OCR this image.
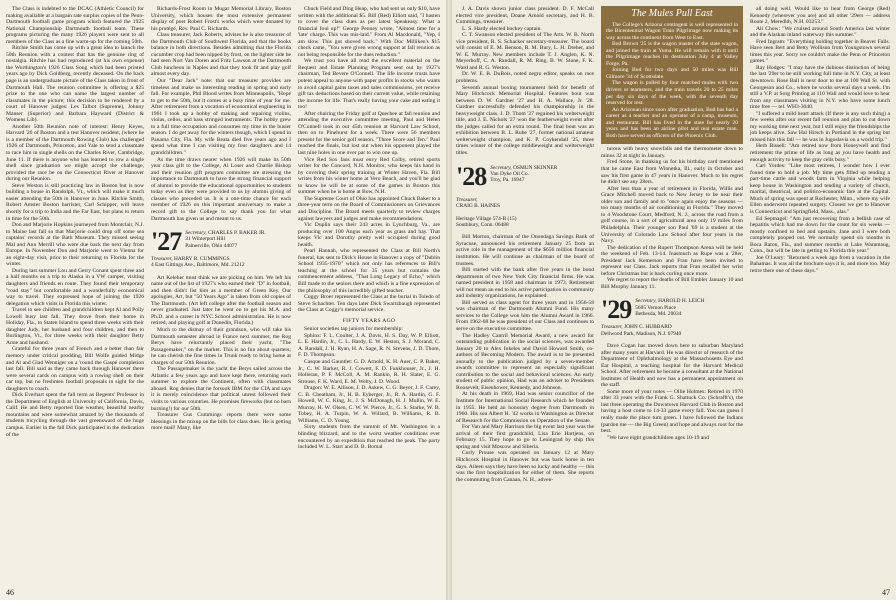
The Class is indebted to the DCAC (Athletic Council) for making available at a bargain rate surplus copies of the Penn-Dartmouth football game program which featured the 1925 National Championship Dartmouth football team. These programs picturing the many 1926 players were sent to all members of the Class as a fine warm-up for the coming 50th.

Ritchie Smith has come up with a great idea to launch the 50th Reunion with a contest that has the genuine ring of nostalgia. Ritchie has had reproduced (at his own expense) the Worthington's 1926 Class Song which had been printed years ago by Dick Goldberg, recently deceased. On the back page is an undergraduate picture of the Class taken in front of Dartmouth Hall. The reunion committee is offering a $25 prize to the one who can name the largest number of classmates in the picture; this decision to be rendered by a court of Hanover judges: Les Talbot (Supreme), Johnny Manser (Superior) and Barbara Hayward (District & Womens Lib).

Another 50th Reunion note of interest: Henry Keyes, Harvard '26 of Boston and a test Hanover resident, (where he is a member of the Dartmouth Rowing Club) has challenged 1926 of Dartmouth, Princeton, and Yale to send a classmate to race him in single shells on the Charles River, Cambridge, June 11. If there is anyone who has learned to row a single shell since graduation we might accept the challenge, provided the race be on the Connecticut River at Hanover during our Reunion.

Steve Weston is still practicing law in Boston but is now building a house in Randolph, Vt., which will make it much easier attending the 50th in Hanover in June. Ritchie Smith, Robert Amster Boston barrister, Carl Schipper, will leave shortly for a trip to India and the Far East, but plans to return in time for the 50th.

Don and Marjorie Hopkins journeyed from Montclair, N.J. to Maine last fall so that Marjorie could drop off some sea captains' records at the Bath Museum. They missed seeing Mal and Ann Merrill who were due back the next day from Europe. In November Don and Marjorie went to Vienna for an eight-day visit, prior to their returning to Florida for the winter.

During last summer Lou and Gerry Conant spent three and a half months on a trip to Alaska in a VW camper, visiting daughters and friends en route. They found their temporary "road stay" but comfortable and a wonderfully economical way to travel. They expressed hope of joining the 1926 delegation which visits in Florida this winter.

Travel to see children and grandchildren kept Al and Polly Lowell busy last fall. They drove from their home in Holiday, Fla., to Staten Island to spend three weeks with their daughter Judy, her husband and four children, and then to Burlington, Vt., for three weeks with their daughter Betty Anne and husband.

Grateful for three years of French and a better than fair memory under critical prodding, Bill Wolfe guided Midge and Al and Glad Wenniger on a 'round the Gaspé completion last fall. Bill said as they came back through Hanover there were several cards on campus with a rowing shell on their car top, but no freshmen football proposals in sight for the daughters to coach.

Dick Everhart spent the fall term as Regents' Professor in the Department of English at University of California, Davis, Calif. He and Betty reported fine weather, beautiful nearby mountains and were somewhat amazed by the thousands of students bicycling through the vast greensward of the huge campus. Earlier in the fall Dick participated in the dedication of the

Richards-Frost Room in Mugar Memorial Library, Boston University, which houses the most extensive permanent display of poet Robert Frost's works which were donated by his protégé, Rev. Paul C. Richards.

Class treasurer, Jack Roberts, advises he is also treasurer of the Dartmouth Club of Southwest Florida, and that the books balance in both directions. Besides admitting that the Florida cucumber crop had been nipped by frost, on the lighter side he had seen Nort Van Doren and Fritz Lawson at the Dartmouth Club luncheon in Naples and that they took fit and play golf almost every day.

Our "Dear Jack" note: that our treasurer provides are timeless and make us interesting reading in spring and early fall. For example, Phil Blood writes from Minneapolis, "Hope to get to the 50th, but it comes at a busy time of year for me. After retirement from a vocation of economical engineering in 1961 I took up a hobby of making and repairing violins, violas, cellos, and bass stringed instruments. The hobby grew to a full time occupation and consumes my time in the busier season. I do get away for the winters though, which I spend in Panama City, Fla. My wife Beata died five years ago and I spend what time I can visiting my four daughters and 14 grandchildren."

As the time draws nearer when 1926 will make its 50th year class gift to the College, Al Loser and Charlie Bishop and their reunion gift program committee are stressing the importance to Dartmouth to have the strong financial support of alumni to provide the educational opportunities to students today even as they were provided to us by alumni giving of classes who preceded us. It is a one-time chance for each member of 1926 on this important anniversary to make a record gift to the College to say thank you for what Dartmouth has given us and meant to us.

'27 Secretary, CHARLES P. BAKER JR.
31 Winterport Hill
Painesville, Ohio 44077
Treasurer, HARRY B. CUMMINGS
4 East Gittings Ave., Baltimore, Md. 21212

Art Keleher must think we are picking on him. We left his name out of the list of 1927's who earned their "D" in football, and then didn't list him as a member of Green Key. Our apologies, Art, but "50 Years Ago" is taken from old copies of The Dartmouth. (Art left college after the football season and never graduated. Just later he went on to get his M.A. and Ph.D. and a career in NYC School administration. He is now retired, and playing golf at Dunedin, Florida.)

Much to the dismay of their grandson, who will take his Dartmouth semester abroad in France next summer, the Rog Berys have reluctantly placed their yacht, "The Passagemaker," on the market. This is no fun about quarters; he can cherish the fine times in Trunk ready to bring home at charges of our 50th Reunion.

The Passagemaker is the yacht the Berys sailed across the Atlantic a few years ago and have kept there, returning each summer to explore the Continent, often with classmates aboard. Rog denies that he forsook IBM for the CIA and says it is merely coincidence that political unrest followed their visits to various countries. He promises fireworks (but no barn burning!) for our 50th.

Treasurer Gus Cummings reports there were some blessings in the mixup on the bills for class dues. He is getting more mail! Many, like

Chuck Field and Ding Heap, who had sent us only $10, have written with the additional $5. Bill (Red) Elliott said, "I hasten to cover the class dues as per latest Speakeasy. What a financial foul up!" George Penney wrote, "Almost time for a 'late' charge. This was mis-laid." From Al Macdonald, "Yep, I am slow. This got shoved back." With Doc Milliken's $15 check came, "You were given wrong support at fall reunion as not being responsible for the dues reduction."

We trust you have all read the excellent material on the Bequest and Estate Planning Program sent out by 1927's chairman, Ted Bevere O'Connell. The life income trusts have potent appeal to anyone with paper profits in stocks who wants to avoid capital gains taxes and sales commissions, yet receive gift tax deductions based on their current value, while retaining the income for life. That's really having your cake and eating it too!

After chairing the Friday golf at Quechee at fall reunion and attending the executive committee meeting, Paul and Helen O'Connell took in our 45th reunion at Harvard Law School, then on to Pinehurst for a week. There were 56 members present for the senior golf season. "Three Score and Ten." Paul reached the finals, but lost out when his opponent played the last nine holes in one over par to win one up.

Vice Red Sox fans must envy Red Colby, retired sports writer for the Concord, N.H. Monitor, who keeps his hand in by covering their spring training at Winter Haven, Fla. Bill writes from his winter home at Vero Beach, and you'll be glad to know he will be at some of the games in Boston this summer when he is home at Bow, N.H.

The Supreme Court of Ohio has appointed Chuck Baker to a three-year term on the Board of Commissioners on Grievances and Discipline. The Board meets quarterly to review charges against lawyers and judges and make recommendations.

Vic Duplin says their 243 acres in Lynchburg, Va., are producing over 100 Angus each year as grass and hay. That keeps Vic and Dorothy pretty well occupied during good health.

Pearl Hannah, who represented the Class at Bill North's funeral, has sent to Dick's House in Hanover a copy of "Dublin School 1935-1970" which not only has references to Bill's teaching at the school for 35 years but contains the commencement address, "That Long Legacy of Echo," which Bill made to the seniors there and which is a fine expression of the philosophy of this incredibly gifted teacher.

Coggy Broer represented the Class at the burial in Toledo of Steve Schachter. Ten days later Dick Swartzbaugh represented the Class at Coggy's memorial service.

FIFTY YEARS AGO

Senior societies tap juniors for membership:

Sphinx: F. L. Coulter, J. A. Davis, H. S. Day, W. P. Elliott, L. E. Hardin, Jr., C. L. Hardy, E. W. Heston, S. J. Morand, C. A. Randall, J. H. Ryan, H. A. Sage, R. N. Stevens, J. D. Thom, F. D. Thompson.

Casque and Gauntlet: G. D. Arnold, K. H. Auer, C. P. Baker, Jr., C. W. Barker, R. J. Cowett, F. D. Funkhouser, Jr., J. H. Holleran, P. F. McColl, A. M. Rankin, R. H. Slater, E. G. Strouse, F. K. Ward, E. M. Welty, J. D. Wood.

Dragon: W. E. Allison, J. D. Askew, C. G. Beyer, J. F. Carey, C. B. Cheatham, Jr., H. B. Eyberger, Jr., R. A. Hardin, G. F. Howell, W. C. King, Jr., J. S. McDonagh, H. J. Mullin, W. E. Murray, H. W. Olsen, C. W. W. Pierce, Jr., G. S. Starke, W. B. Tobey, H. A. Turpin, W. A. Willard, B. Williams, R. B. Williams, C. O. Young.

Sixty students from the summit of Mt. Washington in a blinding blizzard, and to the worst weather conditions ever encountered by an expedition that reached the peak. The party included W. L. Starr and D. B. Bomal

46

J. A. Davis shown junior class president. D. F. McCall elected vice president, Doane Arnold secretary, and H. B. Cummings, treasurer.

L. S. Hardy elected hockey captain.

C. T. Swanson elected president of The Arts. W. B. North vice president, R. S. Schacker secretary-treasurer. The board will consist of E. M. Benson, R. M. Bury, L. H. Dreher, and W. E. Murray. New members include T. J. Anglen, K. N. Meyerhoff, C. A. Randall, R. M. Ring, B. W. Stone, F. K. Ward and R. G. Weston.

Dr. W. E. B. DuBois, noted negro editor, speaks on race problems.

Seventh annual boxing tournament held for benefit of Mary Hitchcock Memorial Hospital. Features bout was between D. W. Gardner '27 and H. A. Wallace, Jr. '28. Gardner successfully defended his championship in the heavyweight class. J. D. Thom '27 regained his welterweight title, and J. E. Nichols '27 won the featherweight event after the judges called for an extra round. The final bout was an exhibition between B. L. Rube '27, former national amateur welterweight champion, and K. P. Coykendall '25, three times winner of the college middleweight and welterweight titles.

'28 Secretary, OSMUN SKINNER
Van Dyke Oil Co.
Troy, Pa. 16947

Treasurer,
CRAIG B. HAINES

Heritage Village 574-B (15)
Southbury, Conn. 06488

Bill Morton, chairman of the Onondaga Savings Bank of Syracuse, announced his retirement January 25 from an active role in the management of the $656 million financial institution. He will continue as chairman of the board of trustees.

Bill started with the bank after five years in the bond departments of two New York City financial firms. He was named president in 1958 and chairman in 1973. Retirement will not mean an end to his active participation in community and industry organizations, he explained.

Bill served as class agent for three years and in 1956-58 was chairman of the Dartmouth Alumni Fund. His many services to the College won him the Alumni Award in 1966. From 1962-68 he was president of our Class and continues to serve on the executive committee.

The Hadley Cantril Memorial Award, a new award for outstanding publication in the social sciences, was awarded January 20 to Alex Inkeles and David Howard Smith, co-authors of Becoming Modern. The award is to be presented annually to the publication judged by a seven-member awards committee to represent an especially significant contribution to the social and behavioral sciences. An early student of public opinion, Had was an adviser to Presidents Roosevelt, Eisenhower, Kennedy, and Johnson.

At his death in 1969, Had was senior councillor of the Institute for International Social Research which he founded in 1955. He held an honorary degree from Dartmouth in 1960. His son Albert H. '42 works in Washington as Director of Research for the Commission on Operation of the Senate.

For Van and Mary Harrison the big event last year was the arrival of their first grandchild, Lisa Erie Hartjens, on February 15. They hope to go to Leningrad by ship this spring and visit Moscow and Siberia.

Curly Prouse was operated on January 12 at Mary Hitchcock Hospital in Hanover but was back home in ten days. Aileen says they have been so lucky and healthy — this was the first hospitalization for either of them. She reports the commuting from Canaan, N. H., adven-

The Mules Pull East

The College's Arizona contingent is well represented in the Bicentennial Wagon Train Pilgrimage now making its way across the continent from West to East.

Bud Brown '25 is the wagon master of the state wagon, and joined the train at Yuma. He will remain with it until the Pilgrimage reaches its destination July 4 at Valley Forge, Pa.

Joining Bud for two days and 50 miles was Bill Gilmore '34 of Scottsdale.

The wagon is pulled by four matched mules with two drivers or teamsters, and the train travels 20 to 25 miles per day six days of the week, with the seventh day reserved for rest.

An Arizonan since soon after graduation, Bud has had a career as a teacher and an operator of a camp, museum, and restaurant. Bill has lived in the state for nearly 20 years and has been an airline pilot and real estate man. Both have served as officers of the Phoenix Club.

turous with heavy snowfalls and the thermometer down to minus 32 at night in January.

Fred Stone, in thanking us for his birthday card mentioned that he came East from Winnetka, Ill., early in October and saw his first game in 47 years in Hanover. Much to his regret he didn't see any 28ers.

After less than a year of retirement in Florida, Willis and Grace Mitchell moved back to New Jersey to be near their older son and family and to "once again enjoy the seasons — too many months of air conditioning in Florida." They moved to 4 Woodstone Court, Medford, N. J., across the road from a golf course, in a sort of agricultural area only 19 miles from Philadelphia. Their younger son Paul '69 is a student at the University of Colorado Law School after four years in the Navy.

The dedication of the Rupert Thompson Arena will be held the weekend of Feb. 13-14. Inasmuch as Rupe was a '28er, President Jack Kemerson and Fran have been invited to represent our Class. Jack reports that Fran recalled her wrist before Christmas but is back curling once more.

We regret to report the deaths of Bill Embler January 10 and Bill Murphy January 11.

'29 Secretary, HAROLD H. LEICH
5605 Vernon Place
Bethesda, Md. 20034
Treasurer, JOHN C. HUBBARD
Dellwood Park, Madison, N.J. 07940

Dave Cogan has moved down here to suburban Maryland after many years at Harvard. He was director of research of the Department of Ophthalmology at the Massachusetts Eye and Ear Hospital, a teaching hospital for the Harvard Medical School. After retirement he became a consultant at the National Institutes of Health and now has a permanent appointment on the staff.

Some more of your notes — Ollie Holmes: Retired in 1970 after 33 years with the Frank G. Shattuck Co. (Schrafft's), the last three operating the Downtown Harvard Club in Boston and having a host come to 14-33 game every fall. You can guess I really made the place turn green. I have followed the Indians (pardon me — the Big Green) and hope and always root for the best.

"We have eight grandchildren ages 10-19 and

all doing well. Would like to hear from George (Red) Kennedy (wherever you are) and all other '29ers — address Route 2, Meredith, N.H. 03253."

Ali Chow: "We cruised around South America last winter and the Alaskan inland waterway this summer."

Fred Ingram: "Everything holding together in Beaver Falls. Have seen Bert and Betty Wollison from Youngstown several times this year. Sorry we couldn't make the Penn or Princeton games."

Ray Hodges: "I may have the dubious distinction of being the last '29er to be still working full time in N.Y. City, at least downtown. Rose Ball is next door to me at 100 Wall St. with Georgeson and Co., where he works several days a week. I'm still a V.P. at Sorg Printing at 110 Wall and would love to hear from any classmates visiting in N.Y. who have some lunch time free — tel. WH3-3040.

"I suffered a mild heart attack (If there is any such thing) a few weeks after our recent fall reunion and plan to cut down my working time next year, but I still enjoy the friendships the job keeps alive. Saw Hal Hirsch in Portland in the spring but missed him this fall — he was in Jugoslavia on a world trip."

Herb Bissell: "Am retired now from Honeywell and find retirement the prime of life as long as you have health and enough activity to keep the gray cells busy."

Carl Yordes: "Like most retirees, I wonder how I ever found time to hold a job. My time gets filled up tending a part-time cattle and woods farm in Virginia while helping keep house in Washington and tending a variety of church, marital, theatrical, and politico-economic fare at the Capital. Much of spring was spent at Rochester, Minn., where my wife Ellen underwent repeated surgery. Closest we get to Hanover is Connecticut and Springfield, Mass., alas."

Ed Septnagel: "Am just recovering from a bellish case of hepatitis which had me down for the count for six weeks — mostly confined to bed and upstairs. Jane and I were both completely pooped out. We normally spend six months in Boca Raton, Fla., and summer months at Lake Waramaug, Conn., but will be late in getting to Florida this year."

Joe O'Leary: "Returned a week ago from a vacation in the Bahamas. It was all the brochure says it is, and more too. May retire there one of these days."

47
